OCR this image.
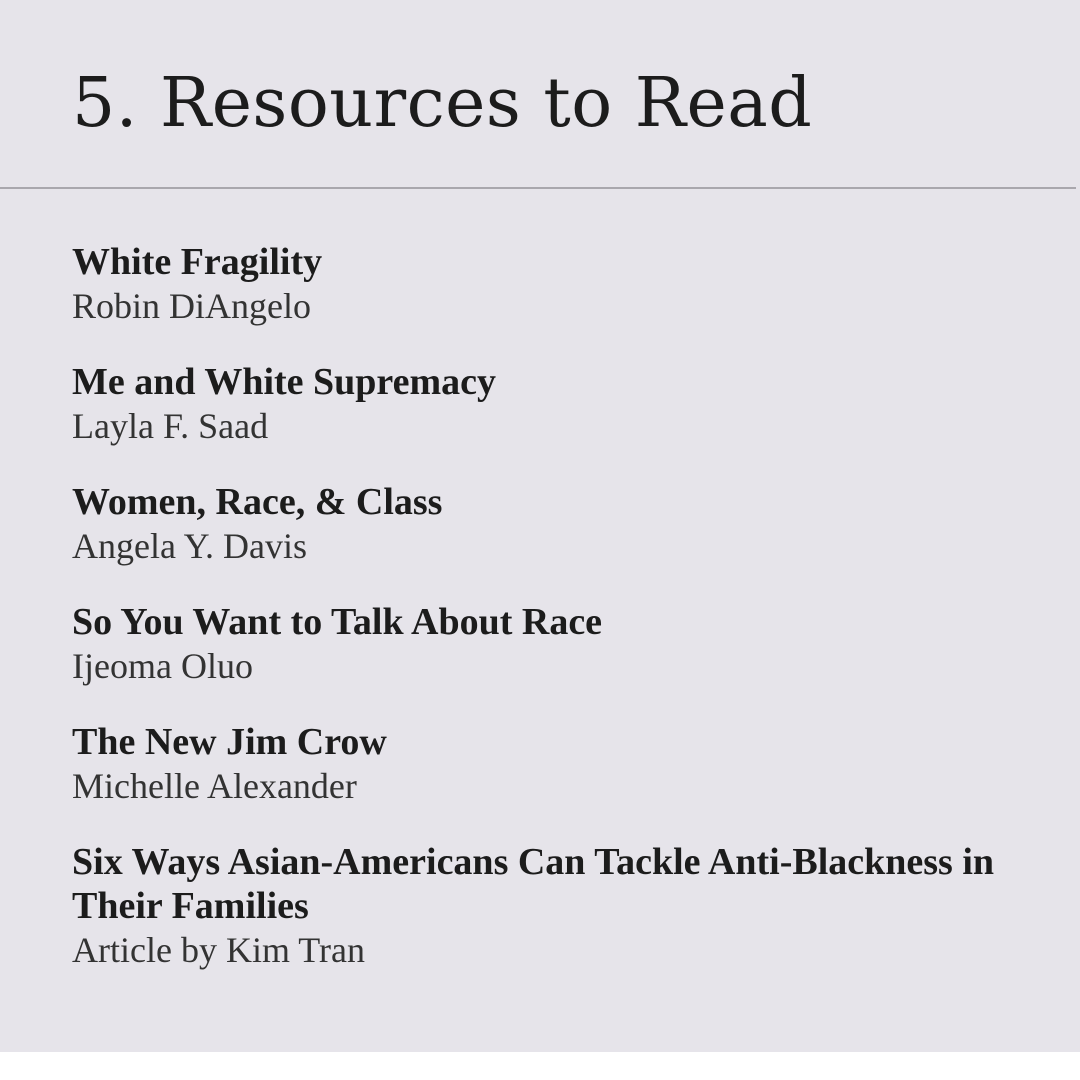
5. Resources to Read
White Fragility
Robin DiAngelo
Me and White Supremacy
Layla F. Saad
Women, Race, & Class
Angela Y. Davis
So You Want to Talk About Race
Ijeoma Oluo
The New Jim Crow
Michelle Alexander
Six Ways Asian-Americans Can Tackle Anti-Blackness in Their Families
Article by Kim Tran
